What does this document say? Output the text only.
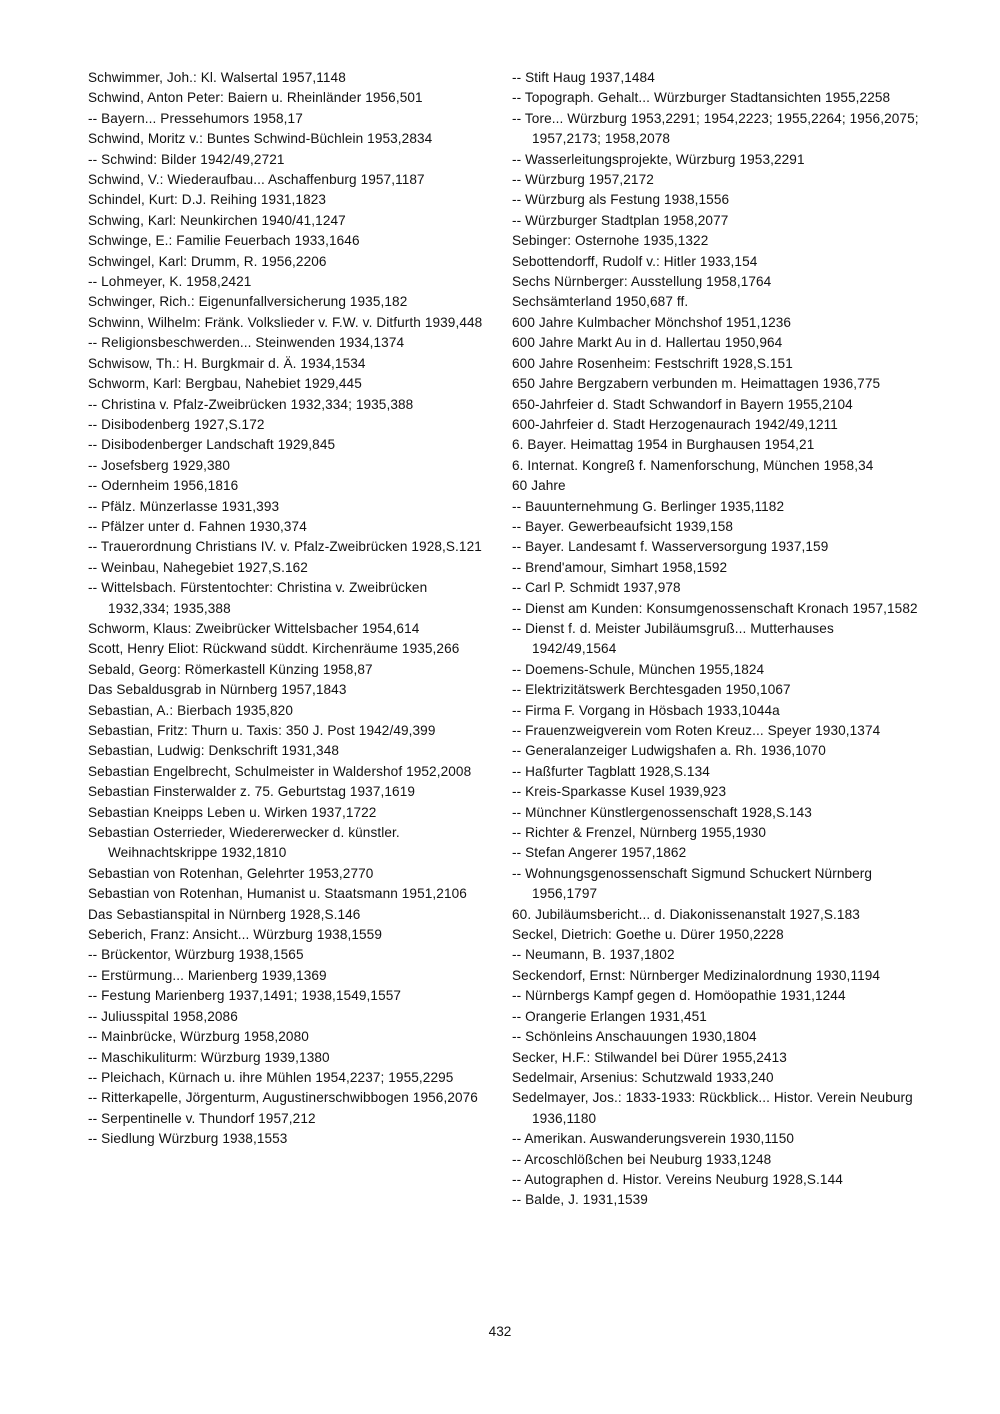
Schwimmer, Joh.: Kl. Walsertal 1957,1148
Schwind, Anton Peter: Baiern u. Rheinländer 1956,501
-- Bayern... Pressehumors 1958,17
Schwind, Moritz v.: Buntes Schwind-Büchlein 1953,2834
-- Schwind: Bilder 1942/49,2721
Schwind, V.: Wiederaufbau... Aschaffenburg 1957,1187
Schindel, Kurt: D.J. Reihing 1931,1823
Schwing, Karl: Neunkirchen 1940/41,1247
Schwinge, E.: Familie Feuerbach 1933,1646
Schwingel, Karl: Drumm, R. 1956,2206
-- Lohmeyer, K. 1958,2421
Schwinger, Rich.: Eigenunfallversicherung 1935,182
Schwinn, Wilhelm: Fränk. Volkslieder v. F.W. v. Ditfurth 1939,448
-- Religionsbeschwerden... Steinwenden 1934,1374
Schwisow, Th.: H. Burgkmair d. Ä. 1934,1534
Schworm, Karl: Bergbau, Nahebiet 1929,445
-- Christina v. Pfalz-Zweibrücken 1932,334; 1935,388
-- Disibodenberg 1927,S.172
-- Disibodenberger Landschaft 1929,845
-- Josefsberg 1929,380
-- Odernheim 1956,1816
-- Pfälz. Münzerlasse 1931,393
-- Pfälzer unter d. Fahnen 1930,374
-- Trauerordnung Christians IV. v. Pfalz-Zweibrücken 1928,S.121
-- Weinbau, Nahegebiet 1927,S.162
-- Wittelsbach. Fürstentochter: Christina v. Zweibrücken 1932,334; 1935,388
Schworm, Klaus: Zweibrücker Wittelsbacher 1954,614
Scott, Henry Eliot: Rückwand süddt. Kirchenräume 1935,266
Sebald, Georg: Römerkastell Künzing 1958,87
Das Sebaldusgrab in Nürnberg 1957,1843
Sebastian, A.: Bierbach 1935,820
Sebastian, Fritz: Thurn u. Taxis: 350 J. Post 1942/49,399
Sebastian, Ludwig: Denkschrift 1931,348
Sebastian Engelbrecht, Schulmeister in Waldershof 1952,2008
Sebastian Finsterwalder z. 75. Geburtstag 1937,1619
Sebastian Kneipps Leben u. Wirken 1937,1722
Sebastian Osterrieder, Wiedererwecker d. künstler. Weihnachtskrippe 1932,1810
Sebastian von Rotenhan, Gelehrter 1953,2770
Sebastian von Rotenhan, Humanist u. Staatsmann 1951,2106
Das Sebastianspital in Nürnberg 1928,S.146
Seberich, Franz: Ansicht... Würzburg 1938,1559
-- Brückentor, Würzburg 1938,1565
-- Erstürmung... Marienberg 1939,1369
-- Festung Marienberg 1937,1491; 1938,1549,1557
-- Juliusspital 1958,2086
-- Mainbrücke, Würzburg 1958,2080
-- Maschikuliturm: Würzburg 1939,1380
-- Pleichach, Kürnach u. ihre Mühlen 1954,2237; 1955,2295
-- Ritterkapelle, Jörgenturm, Augustinerschwibbogen 1956,2076
-- Serpentinelle v. Thundorf 1957,212
-- Siedlung Würzburg 1938,1553
-- Stift Haug 1937,1484
-- Topograph. Gehalt... Würzburger Stadtansichten 1955,2258
-- Tore... Würzburg 1953,2291; 1954,2223; 1955,2264; 1956,2075; 1957,2173; 1958,2078
-- Wasserleitungsprojekte, Würzburg 1953,2291
-- Würzburg 1957,2172
-- Würzburg als Festung 1938,1556
-- Würzburger Stadtplan 1958,2077
Sebinger: Osternohe 1935,1322
Sebottendorff, Rudolf v.: Hitler 1933,154
Sechs Nürnberger: Ausstellung 1958,1764
Sechsämterland 1950,687 ff.
600 Jahre Kulmbacher Mönchshof 1951,1236
600 Jahre Markt Au in d. Hallertau 1950,964
600 Jahre Rosenheim: Festschrift 1928,S.151
650 Jahre Bergzabern verbunden m. Heimattagen 1936,775
650-Jahrfeier d. Stadt Schwandorf in Bayern 1955,2104
600-Jahrfeier d. Stadt Herzogenaurach 1942/49,1211
6. Bayer. Heimattag 1954 in Burghausen 1954,21
6. Internat. Kongreß f. Namenforschung, München 1958,34
60 Jahre
-- Bauunternehmung G. Berlinger 1935,1182
-- Bayer. Gewerbeaufsicht 1939,158
-- Bayer. Landesamt f. Wasserversorgung 1937,159
-- Brend'amour, Simhart 1958,1592
-- Carl P. Schmidt 1937,978
-- Dienst am Kunden: Konsumgenossenschaft Kronach 1957,1582
-- Dienst f. d. Meister Jubiläumsgruß... Mutterhauses 1942/49,1564
-- Doemens-Schule, München 1955,1824
-- Elektrizitätswerk Berchtesgaden 1950,1067
-- Firma F. Vorgang in Hösbach 1933,1044a
-- Frauenzweigverein vom Roten Kreuz... Speyer 1930,1374
-- Generalanzeiger Ludwigshafen a. Rh. 1936,1070
-- Haßfurter Tagblatt 1928,S.134
-- Kreis-Sparkasse Kusel 1939,923
-- Münchner Künstlergenossenschaft 1928,S.143
-- Richter & Frenzel, Nürnberg 1955,1930
-- Stefan Angerer 1957,1862
-- Wohnungsgenossenschaft Sigmund Schuckert Nürnberg 1956,1797
60. Jubiläumsbericht... d. Diakonissenanstalt 1927,S.183
Seckel, Dietrich: Goethe u. Dürer 1950,2228
-- Neumann, B. 1937,1802
Seckendorf, Ernst: Nürnberger Medizinalordnung 1930,1194
-- Nürnbergs Kampf gegen d. Homöopathie 1931,1244
-- Orangerie Erlangen 1931,451
-- Schönleins Anschauungen 1930,1804
Secker, H.F.: Stilwandel bei Dürer 1955,2413
Sedelmair, Arsenius: Schutzwald 1933,240
Sedelmayer, Jos.: 1833-1933: Rückblick... Histor. Verein Neuburg 1936,1180
-- Amerikan. Auswanderungsverein 1930,1150
-- Arcoschlößchen bei Neuburg 1933,1248
-- Autographen d. Histor. Vereins Neuburg 1928,S.144
-- Balde, J. 1931,1539
432
